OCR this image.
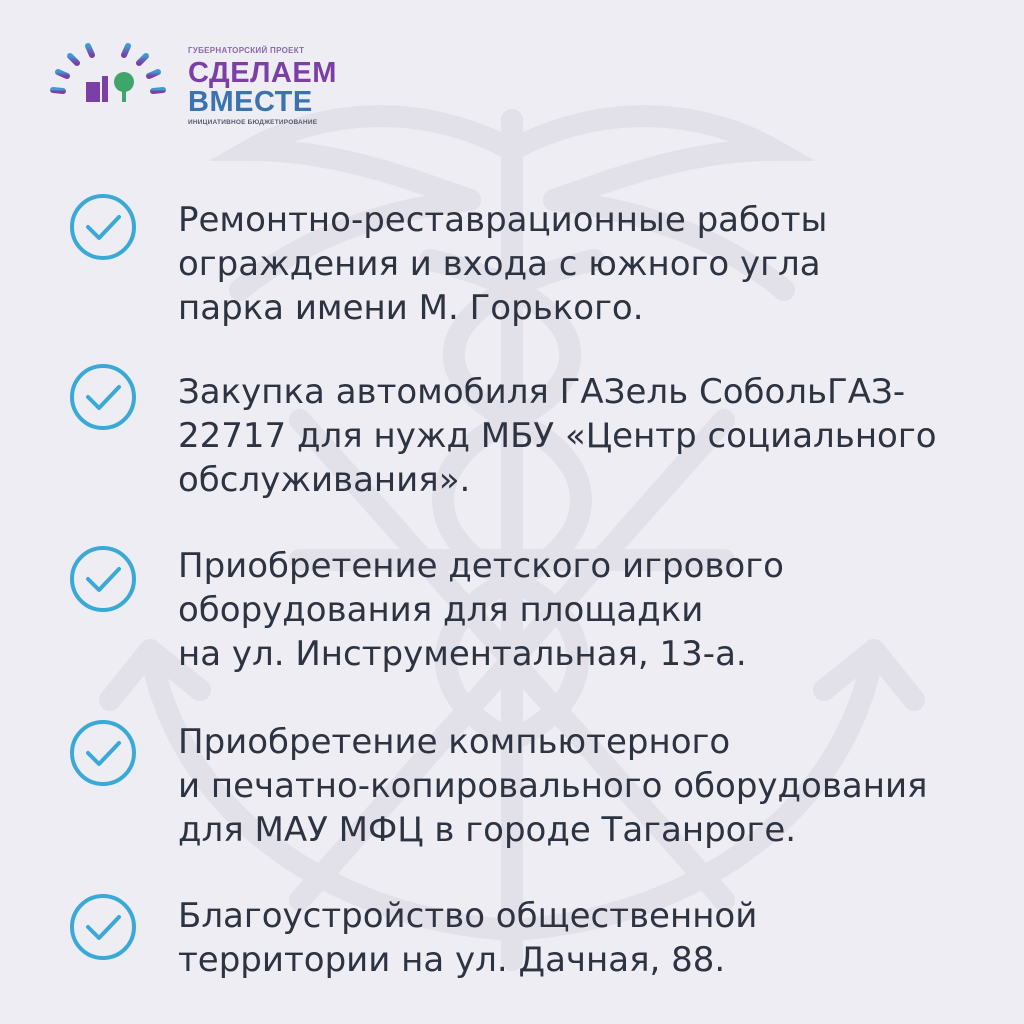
ГУБЕРНАТОРСКИЙ ПРОЕКТ
СДЕЛАЕМ
ВМЕСТЕ
ИНИЦИАТИВНОЕ БЮДЖЕТИРОВАНИЕ
Ремонтно-реставрационные работы
ограждения и входа с южного угла
парка имени М. Горького.
Закупка автомобиля ГАЗель СобольГАЗ-
22717 для нужд МБУ «Центр социального
обслуживания».
Приобретение детского игрового
оборудования для площадки
на ул. Инструментальная, 13-а.
Приобретение компьютерного
и печатно-копировального оборудования
для МАУ МФЦ в городе Таганроге.
Благоустройство общественной
территории на ул. Дачная, 88.
